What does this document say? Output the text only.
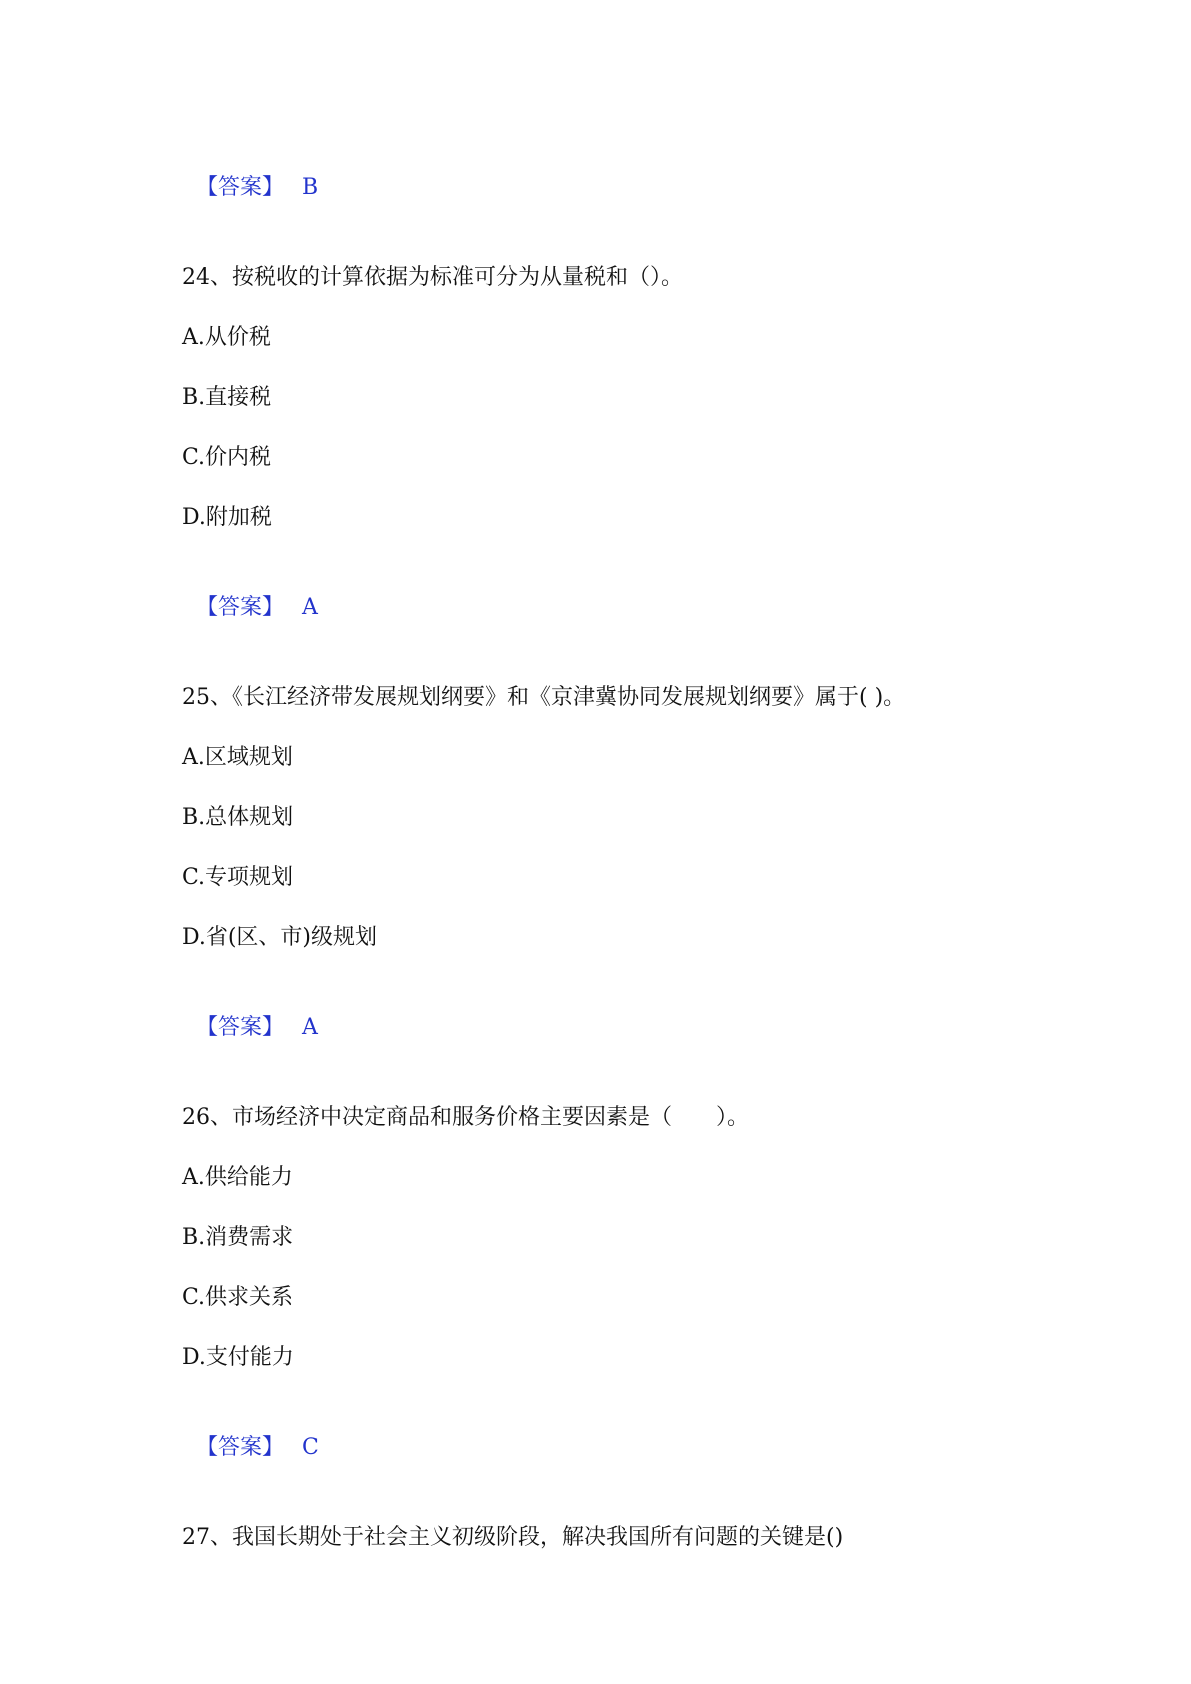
【答案】 B

24、按税收的计算依据为标准可分为从量税和（）。
A.从价税
B.直接税
C.价内税
D.附加税

【答案】 A

25、《长江经济带发展规划纲要》和《京津冀协同发展规划纲要》属于( )。
A.区域规划
B.总体规划
C.专项规划
D.省(区、市)级规划

【答案】 A

26、市场经济中决定商品和服务价格主要因素是（　　）。
A.供给能力
B.消费需求
C.供求关系
D.支付能力

【答案】 C

27、我国长期处于社会主义初级阶段，解决我国所有问题的关键是()
